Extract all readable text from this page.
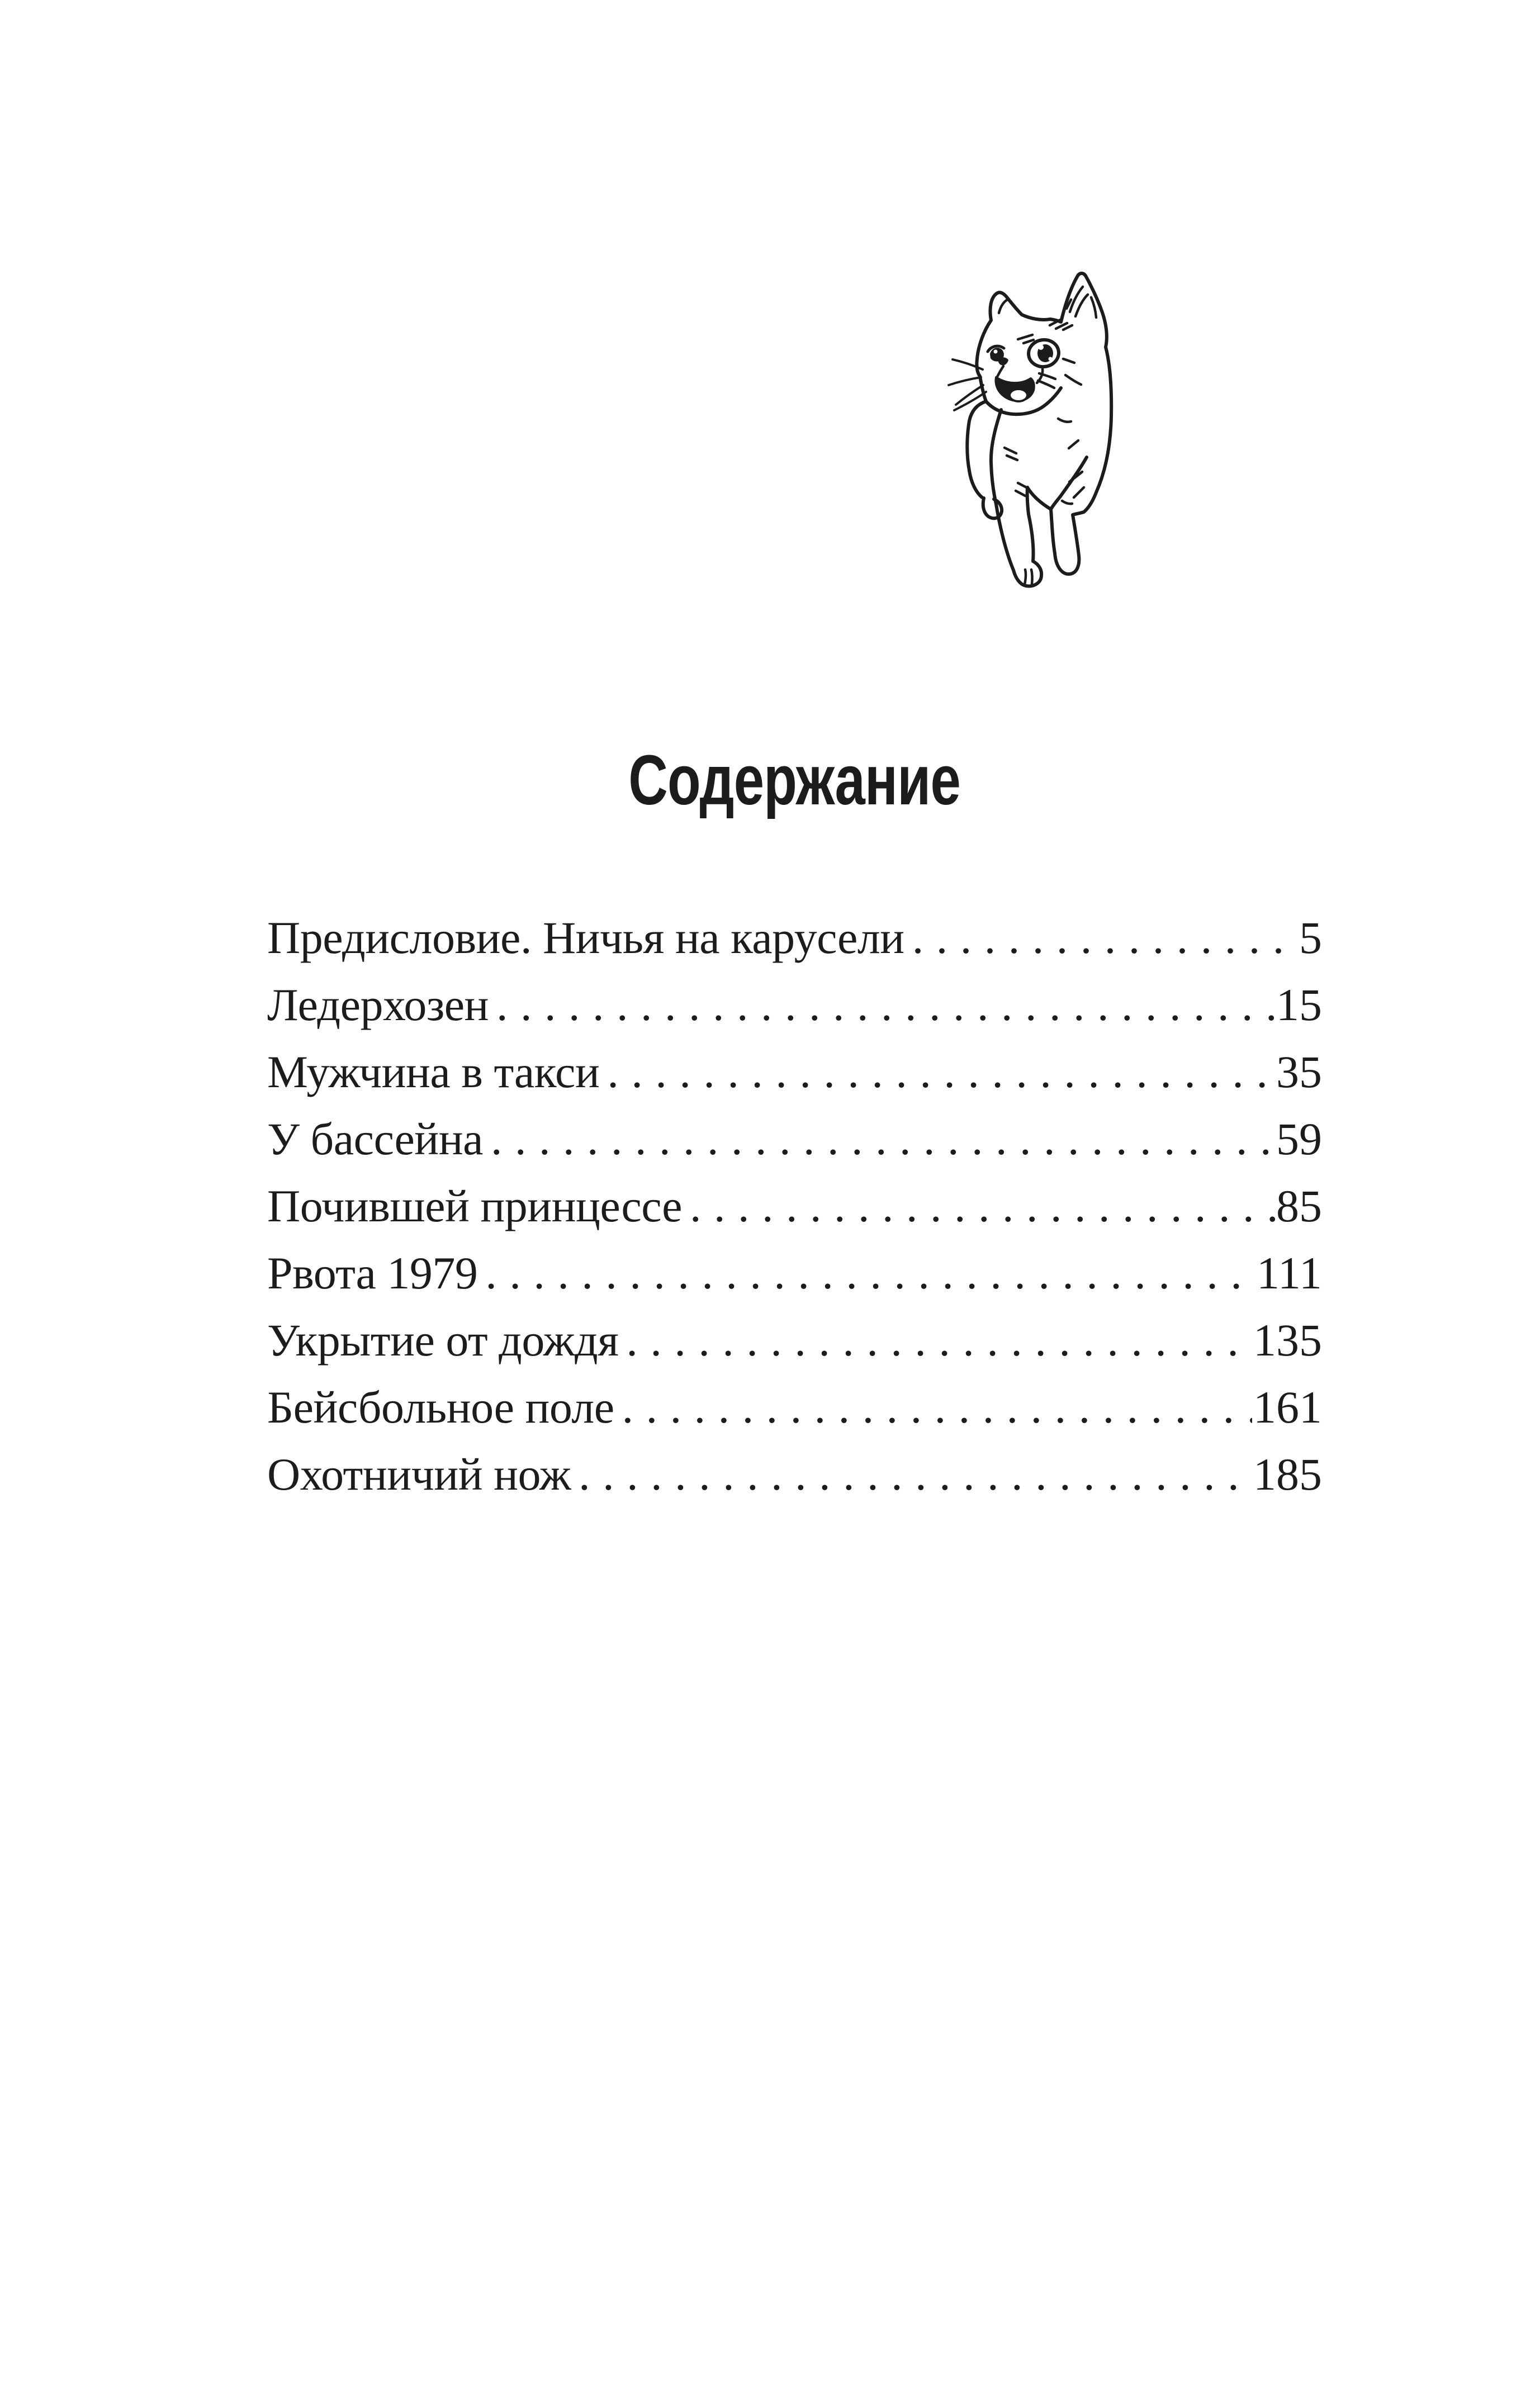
Содержание
Предисловие. Ничья на карусели . . .	5
Ледерхозен . . .	15
Мужчина в такси . . .	35
У бассейна . . .	59
Почившей принцессе . . .	85
Рвота 1979 . . .	111
Укрытие от дождя . . .	135
Бейсбольное поле . . .	161
Охотничий нож . . .	185
